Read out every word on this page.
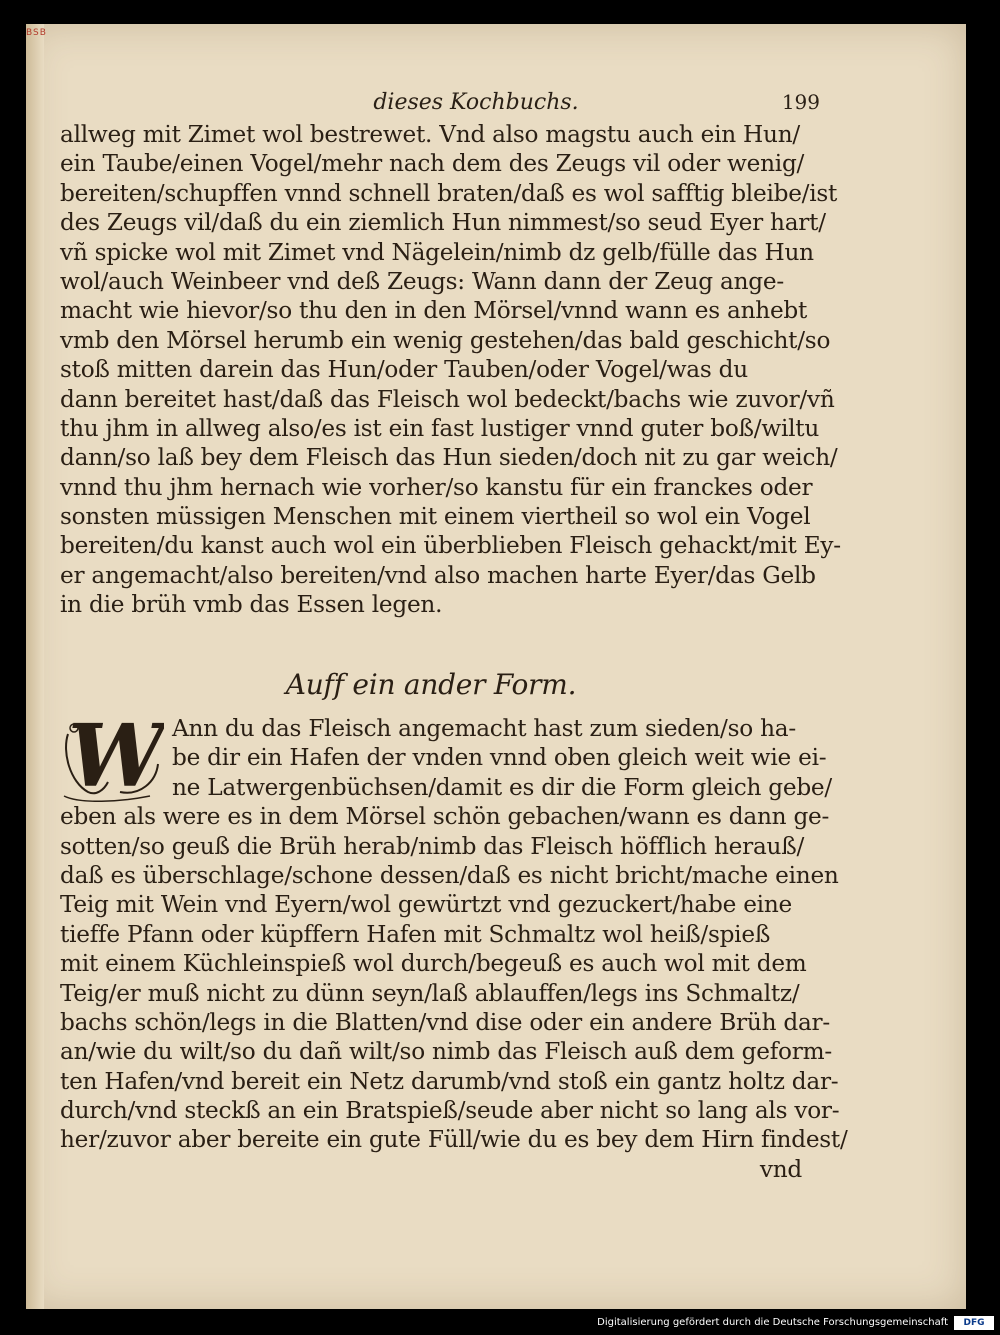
BSB
dieses Kochbuchs.	199
allweg mit Zimet wol bestrewet. Vnd also magstu auch ein Hun/
ein Taube/einen Vogel/mehr nach dem des Zeugs vil oder wenig/
bereiten/schupffen vnnd schnell braten/daß es wol safftig bleibe/ist
des Zeugs vil/daß du ein ziemlich Hun nimmest/so seud Eyer hart/
vñ spicke wol mit Zimet vnd Nägelein/nimb dz gelb/fülle das Hun
wol/auch Weinbeer vnd deß Zeugs: Wann dann der Zeug ange-
macht wie hievor/so thu den in den Mörsel/vnnd wann es anhebt
vmb den Mörsel herumb ein wenig gestehen/das bald geschicht/so
stoß mitten darein das Hun/oder Tauben/oder Vogel/was du
dann bereitet hast/daß das Fleisch wol bedeckt/bachs wie zuvor/vñ
thu jhm in allweg also/es ist ein fast lustiger vnnd guter boß/wiltu
dann/so laß bey dem Fleisch das Hun sieden/doch nit zu gar weich/
vnnd thu jhm hernach wie vorher/so kanstu für ein franckes oder
sonsten müssigen Menschen mit einem viertheil so wol ein Vogel
bereiten/du kanst auch wol ein überblieben Fleisch gehackt/mit Ey-
er angemacht/also bereiten/vnd also machen harte Eyer/das Gelb
in die brüh vmb das Essen legen.
Auff ein ander Form.
W Ann du das Fleisch angemacht hast zum sieden/so ha-
be dir ein Hafen der vnden vnnd oben gleich weit wie ei-
ne Latwergenbüchsen/damit es dir die Form gleich gebe/
eben als were es in dem Mörsel schön gebachen/wann es dann ge-
sotten/so geuß die Brüh herab/nimb das Fleisch höfflich herauß/
daß es überschlage/schone dessen/daß es nicht bricht/mache einen
Teig mit Wein vnd Eyern/wol gewürtzt vnd gezuckert/habe eine
tieffe Pfann oder küpffern Hafen mit Schmaltz wol heiß/spieß
mit einem Küchleinspieß wol durch/begeuß es auch wol mit dem
Teig/er muß nicht zu dünn seyn/laß ablauffen/legs ins Schmaltz/
bachs schön/legs in die Blatten/vnd dise oder ein andere Brüh dar-
an/wie du wilt/so du dañ wilt/so nimb das Fleisch auß dem geform-
ten Hafen/vnd bereit ein Netz darumb/vnd stoß ein gantz holtz dar-
durch/vnd steckß an ein Bratspieß/seude aber nicht so lang als vor-
her/zuvor aber bereite ein gute Füll/wie du es bey dem Hirn findest/
vnd
Digitalisierung gefördert durch die Deutsche Forschungsgemeinschaft	DFG
